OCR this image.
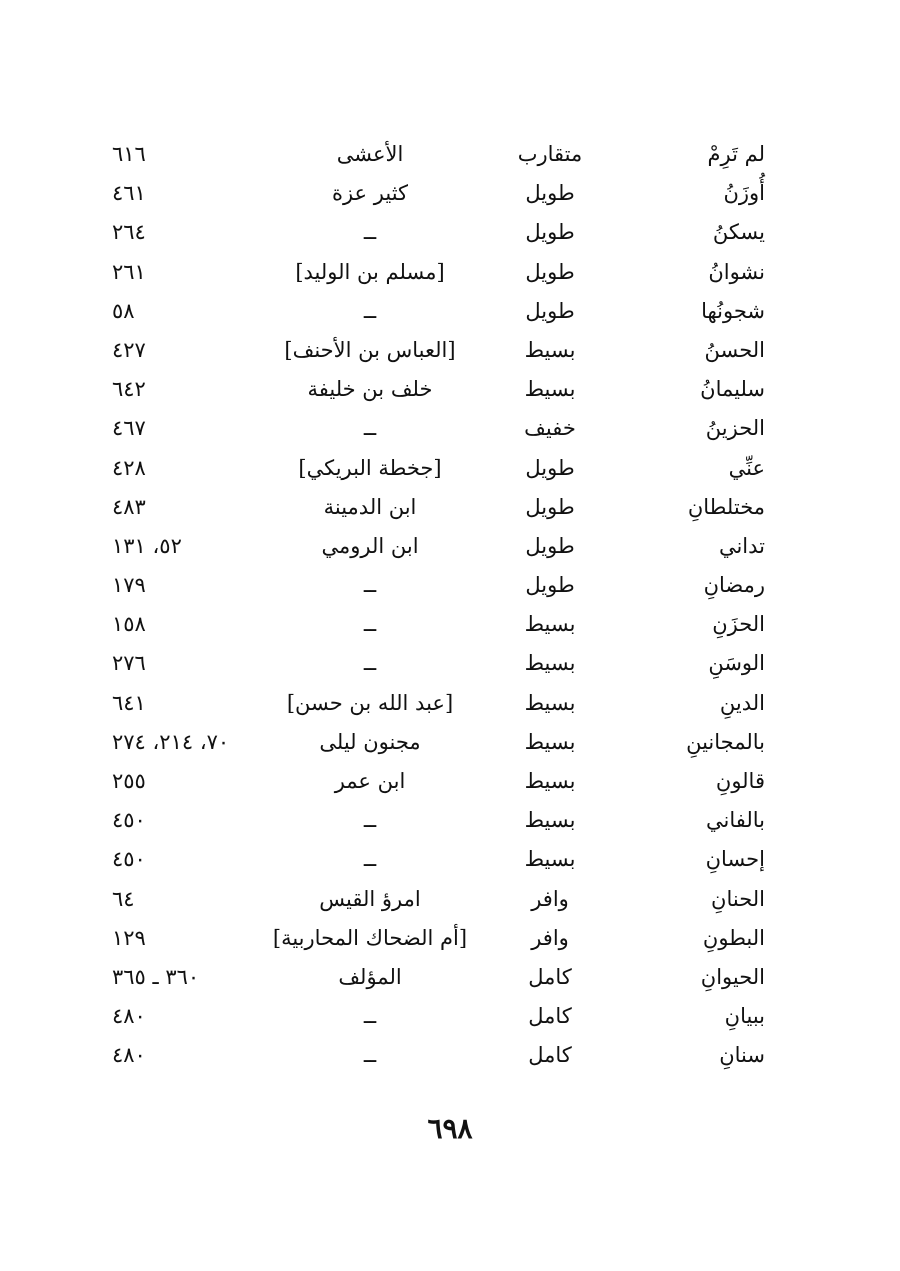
لم تَرِمْ
متقارب
الأعشى
٦١٦
أُوزَنُ
طويل
كثير عزة
٤٦١
يسكنُ
طويل
ــ
٢٦٤
نشوانُ
طويل
[مسلم بن الوليد]
٢٦١
شجونُها
طويل
ــ
٥٨
الحسنُ
بسيط
[العباس بن الأحنف]
٤٢٧
سليمانُ
بسيط
خلف بن خليفة
٦٤٢
الحزينُ
خفيف
ــ
٤٦٧
عنِّي
طويل
[جخطة البريكي]
٤٢٨
مختلطانِ
طويل
ابن الدمينة
٤٨٣
تداني
طويل
ابن الرومي
٥٢، ١٣١
رمضانِ
طويل
ــ
١٧٩
الحزَنِ
بسيط
ــ
١٥٨
الوسَنِ
بسيط
ــ
٢٧٦
الدينِ
بسيط
[عبد الله بن حسن]
٦٤١
بالمجانينِ
بسيط
مجنون ليلى
٧٠، ٢١٤، ٢٧٤
قالونِ
بسيط
ابن عمر
٢٥٥
بالفاني
بسيط
ــ
٤٥٠
إحسانِ
بسيط
ــ
٤٥٠
الحنانِ
وافر
امرؤ القيس
٦٤
البطونِ
وافر
[أم الضحاك المحاربية]
١٢٩
الحيوانِ
كامل
المؤلف
٣٦٠ ـ ٣٦٥
ببيانِ
كامل
ــ
٤٨٠
سنانِ
كامل
ــ
٤٨٠
٦٩٨
